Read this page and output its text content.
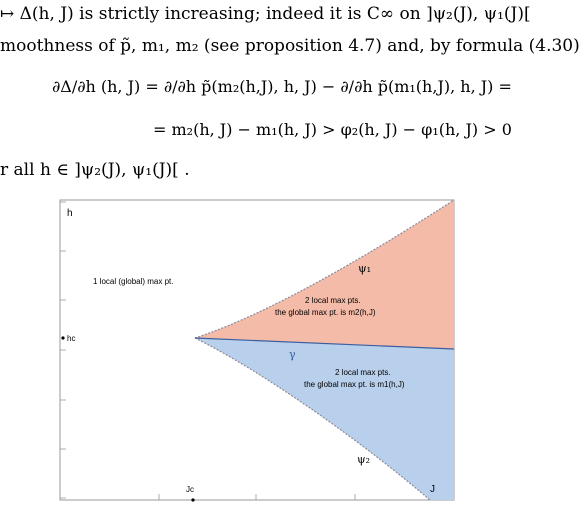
↦ Δ(h, J) is strictly increasing; indeed it is C∞ on ]ψ₂(J), ψ₁(J)[
moothness of p̃, m₁, m₂ (see proposition 4.7) and, by formula (4.30)
∂Δ/∂h (h, J) = ∂/∂h p̃(m₂(h,J), h, J) − ∂/∂h p̃(m₁(h,J), h, J) =
= m₂(h, J) − m₁(h, J) > φ₂(h, J) − φ₁(h, J) > 0
r all h ∈ ]ψ₂(J), ψ₁(J)[ .
h
hc
Jc	J
1 local (global) max pt.
2 local max pts.
the global max pt. is m2(h,J)
2 local max pts.
the global max pt. is m1(h,J)
ψ₁
ψ₂
γ
